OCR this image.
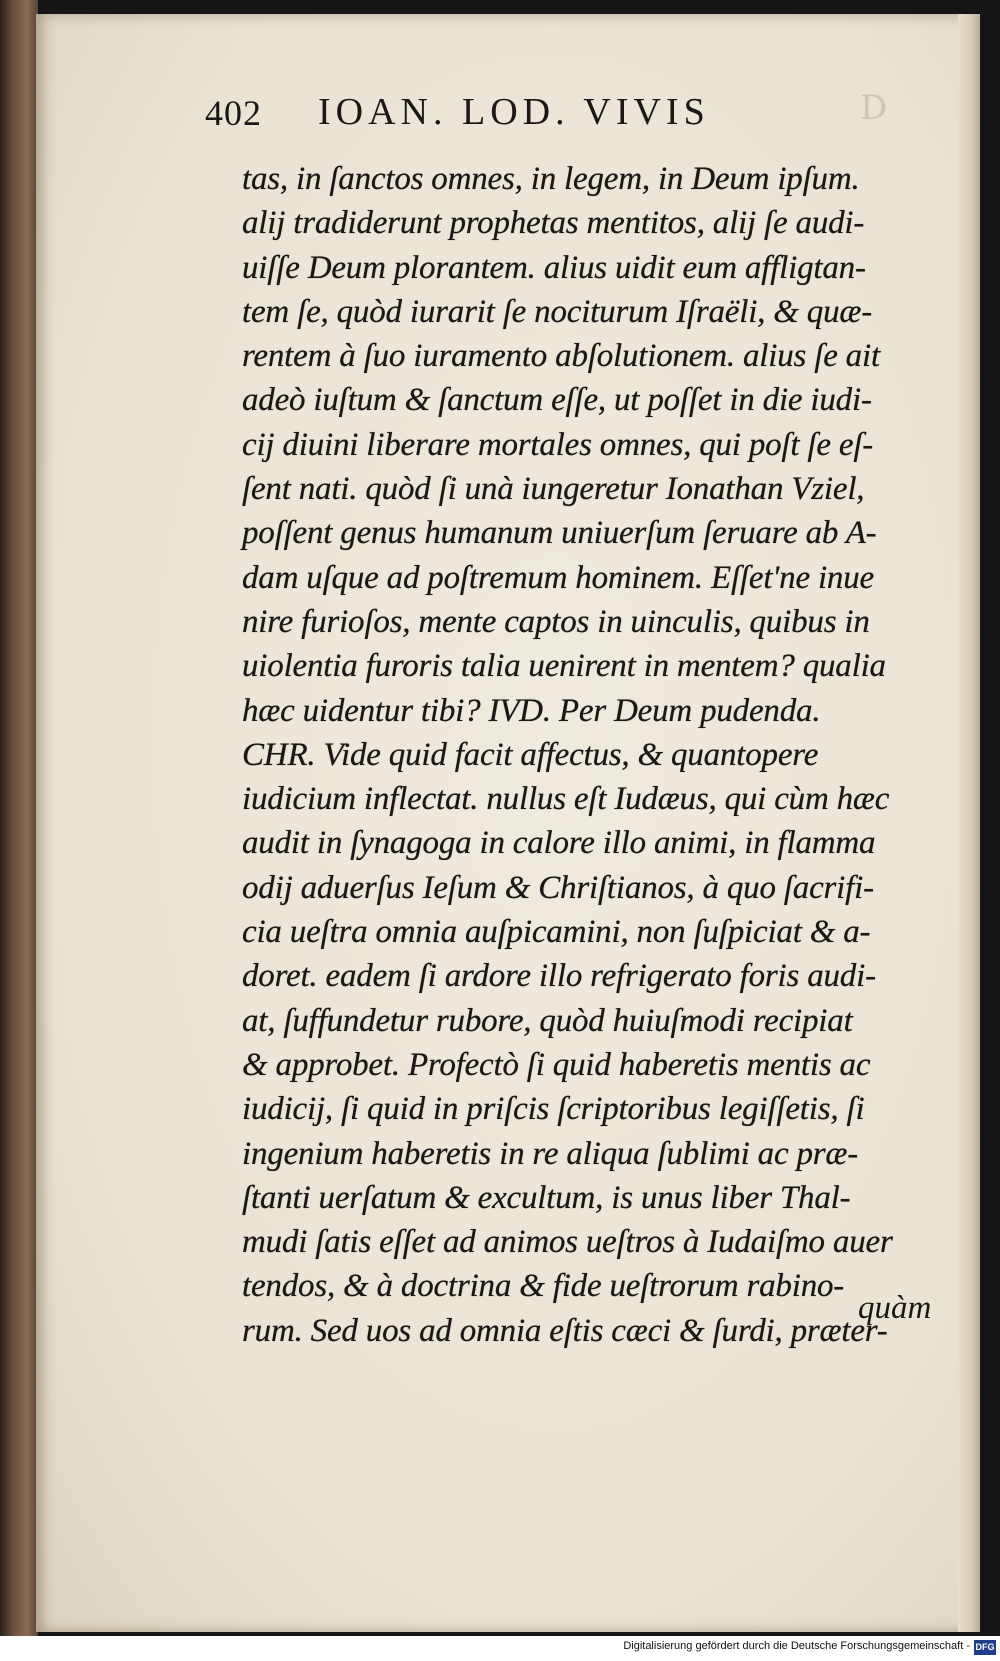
D
402 IOAN. LOD. VIVIS
tas, in ſanctos omnes, in legem, in Deum ipſum.
alij tradiderunt prophetas mentitos, alij ſe audi-
uiſſe Deum plorantem. alius uidit eum affligtan-
tem ſe, quòd iurarit ſe nociturum Iſraëli, & quæ-
rentem à ſuo iuramento abſolutionem. alius ſe ait
adeò iuſtum & ſanctum eſſe, ut poſſet in die iudi-
cij diuini liberare mortales omnes, qui poſt ſe eſ-
ſent nati. quòd ſi unà iungeretur Ionathan Vziel,
poſſent genus humanum uniuerſum ſeruare ab A-
dam uſque ad poſtremum hominem. Eſſet'ne inue
nire furioſos, mente captos in uinculis, quibus in
uiolentia furoris talia uenirent in mentem? qualia
hæc uidentur tibi? IVD. Per Deum pudenda.
CHR. Vide quid facit affectus, & quantopere
iudicium inflectat. nullus eſt Iudæus, qui cùm hæc
audit in ſynagoga in calore illo animi, in flamma
odij aduerſus Ieſum & Chriſtianos, à quo ſacrifi-
cia ueſtra omnia auſpicamini, non ſuſpiciat & a-
doret. eadem ſi ardore illo refrigerato foris audi-
at, ſuffundetur rubore, quòd huiuſmodi recipiat
& approbet. Profectò ſi quid haberetis mentis ac
iudicij, ſi quid in priſcis ſcriptoribus legiſſetis, ſi
ingenium haberetis in re aliqua ſublimi ac præ-
ſtanti uerſatum & excultum, is unus liber Thal-
mudi ſatis eſſet ad animos ueſtros à Iudaiſmo auer
tendos, & à doctrina & fide ueſtrorum rabino-
rum. Sed uos ad omnia eſtis cæci & ſurdi, præter-
quàm
Digitalisierung gefördert durch die Deutsche Forschungsgemeinschaft - DFG
